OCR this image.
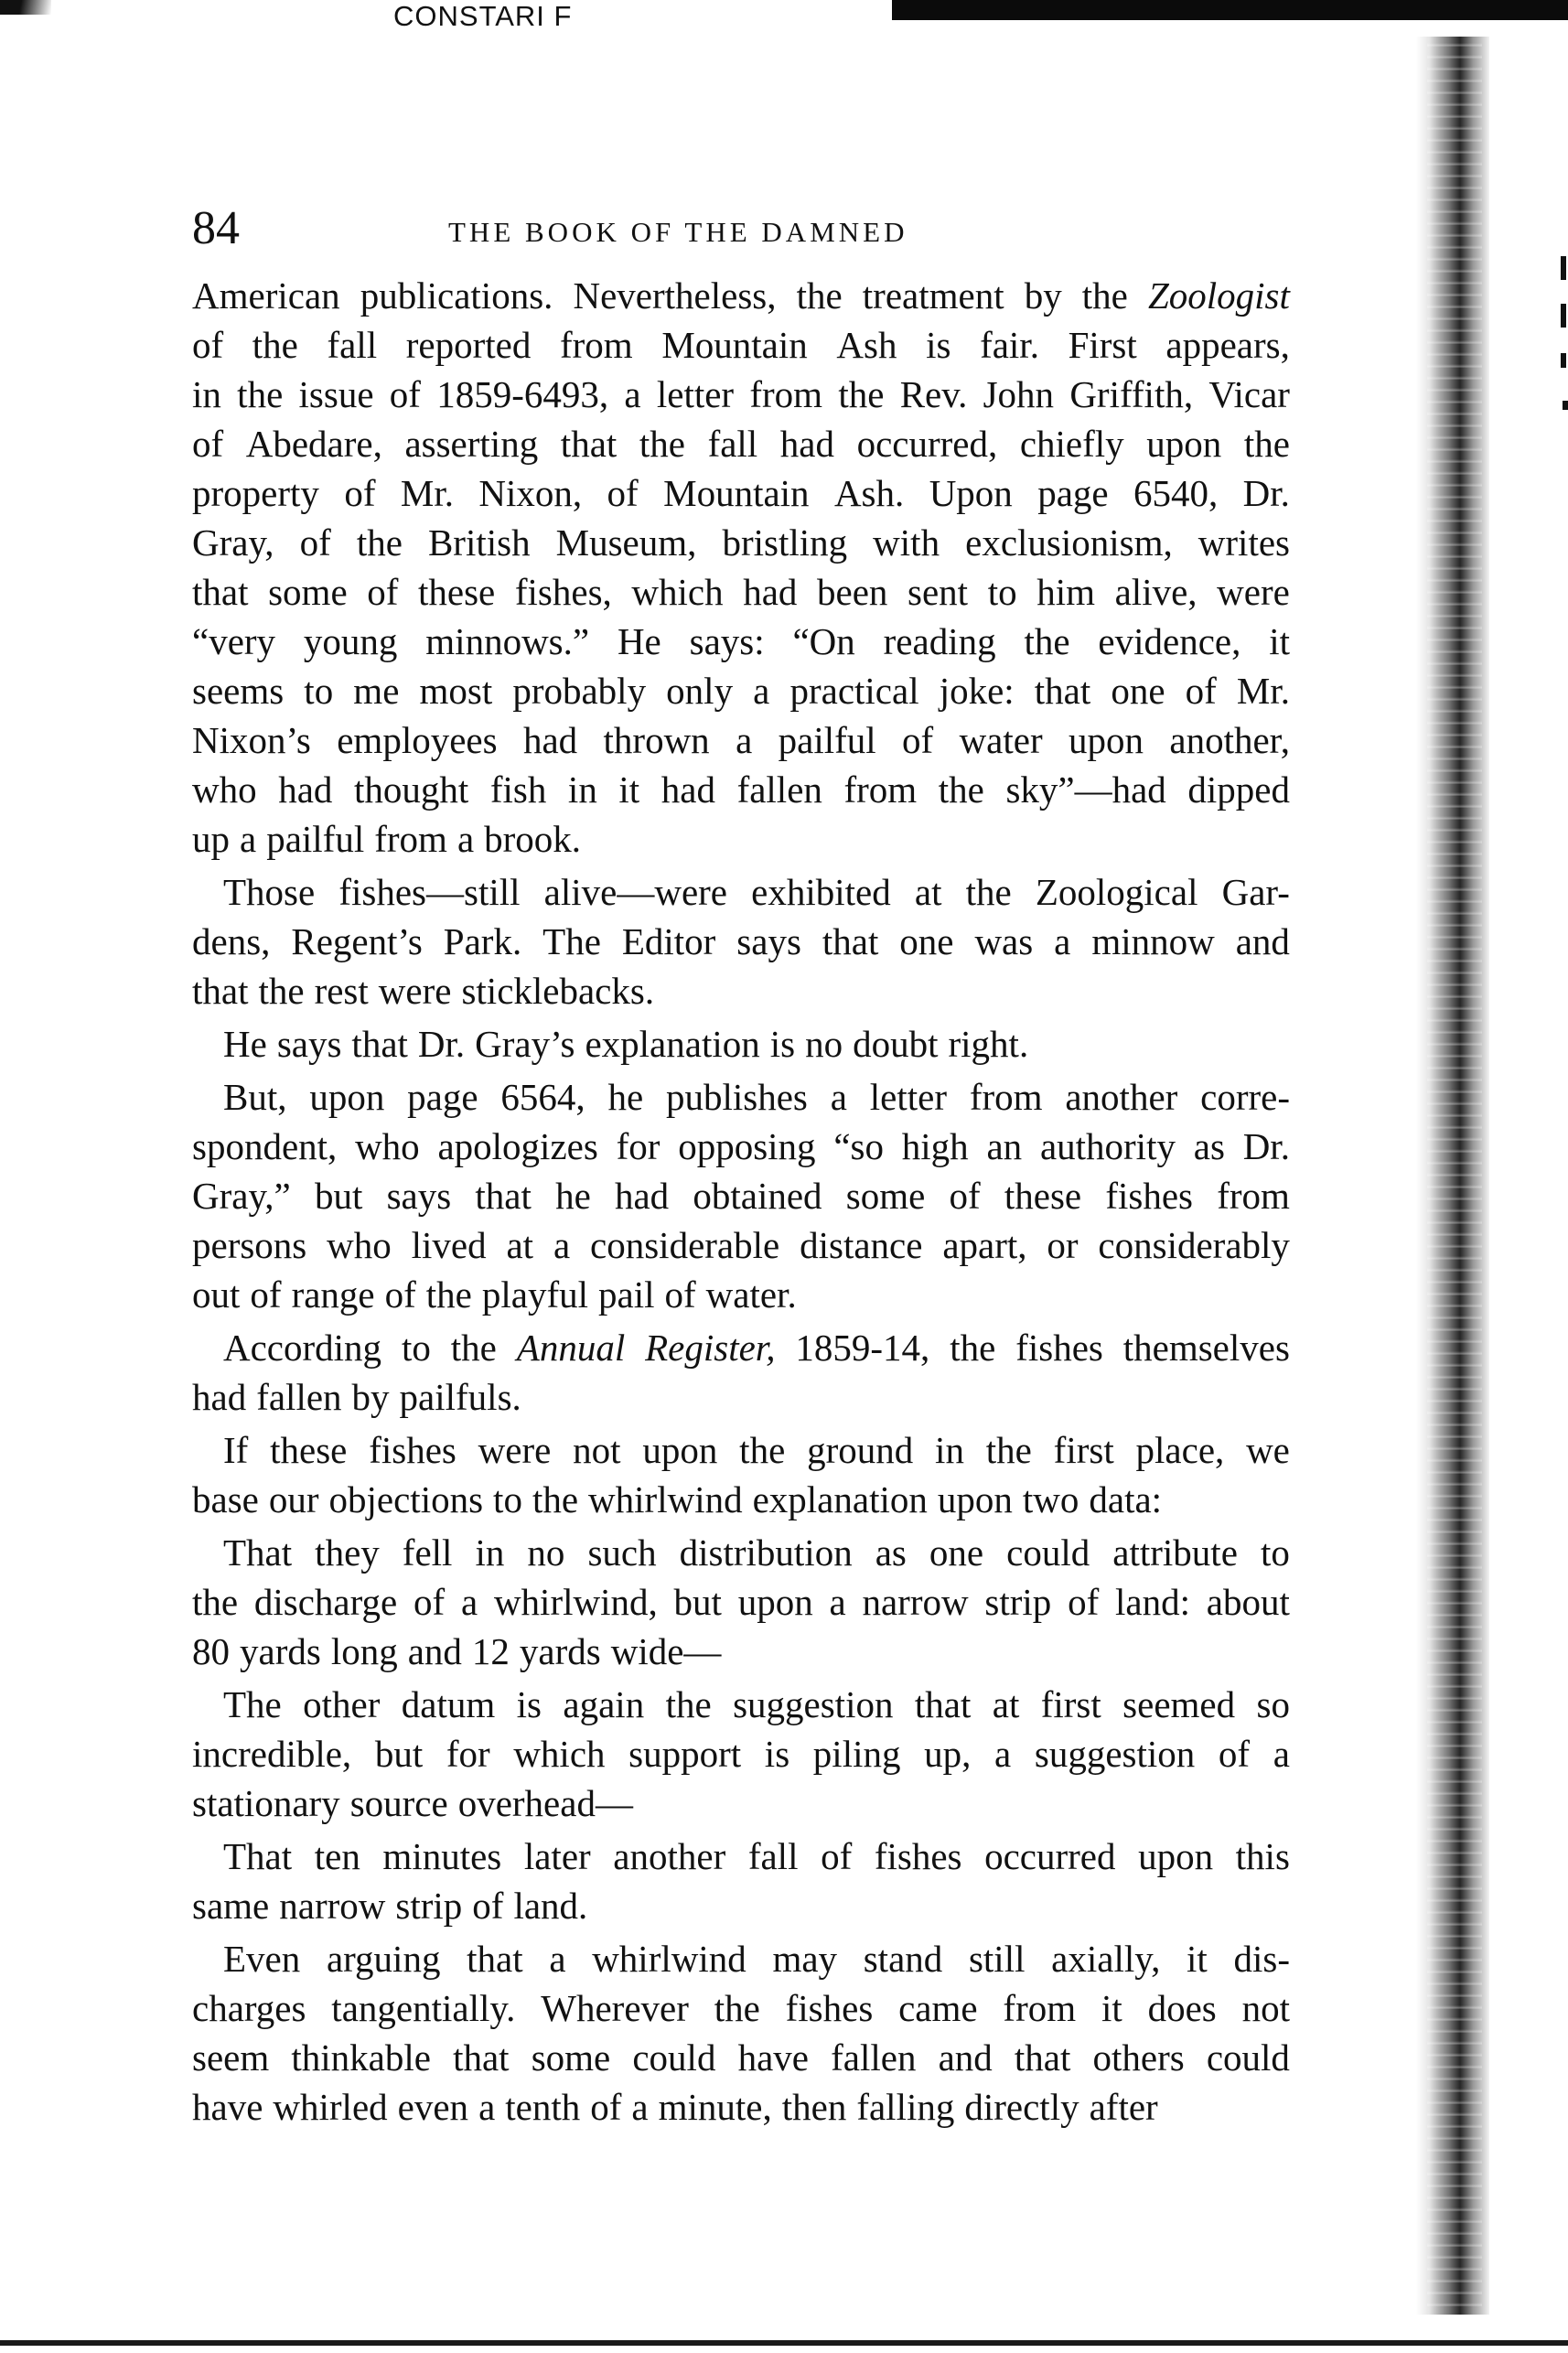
CONSTARI F
84	THE BOOK OF THE DAMNED
American publications. Nevertheless, the treatment by the Zoologist
of the fall reported from Mountain Ash is fair. First appears,
in the issue of 1859-6493, a letter from the Rev. John Griffith, Vicar
of Abedare, asserting that the fall had occurred, chiefly upon the
property of Mr. Nixon, of Mountain Ash. Upon page 6540, Dr.
Gray, of the British Museum, bristling with exclusionism, writes
that some of these fishes, which had been sent to him alive, were
“very young minnows.” He says: “On reading the evidence, it
seems to me most probably only a practical joke: that one of Mr.
Nixon’s employees had thrown a pailful of water upon another,
who had thought fish in it had fallen from the sky”—had dipped
up a pailful from a brook.
Those fishes—still alive—were exhibited at the Zoological Gar-
dens, Regent’s Park. The Editor says that one was a minnow and
that the rest were sticklebacks.
He says that Dr. Gray’s explanation is no doubt right.
But, upon page 6564, he publishes a letter from another corre-
spondent, who apologizes for opposing “so high an authority as Dr.
Gray,” but says that he had obtained some of these fishes from
persons who lived at a considerable distance apart, or considerably
out of range of the playful pail of water.
According to the Annual Register, 1859-14, the fishes themselves
had fallen by pailfuls.
If these fishes were not upon the ground in the first place, we
base our objections to the whirlwind explanation upon two data:
That they fell in no such distribution as one could attribute to
the discharge of a whirlwind, but upon a narrow strip of land: about
80 yards long and 12 yards wide—
The other datum is again the suggestion that at first seemed so
incredible, but for which support is piling up, a suggestion of a
stationary source overhead—
That ten minutes later another fall of fishes occurred upon this
same narrow strip of land.
Even arguing that a whirlwind may stand still axially, it dis-
charges tangentially. Wherever the fishes came from it does not
seem thinkable that some could have fallen and that others could
have whirled even a tenth of a minute, then falling directly after
